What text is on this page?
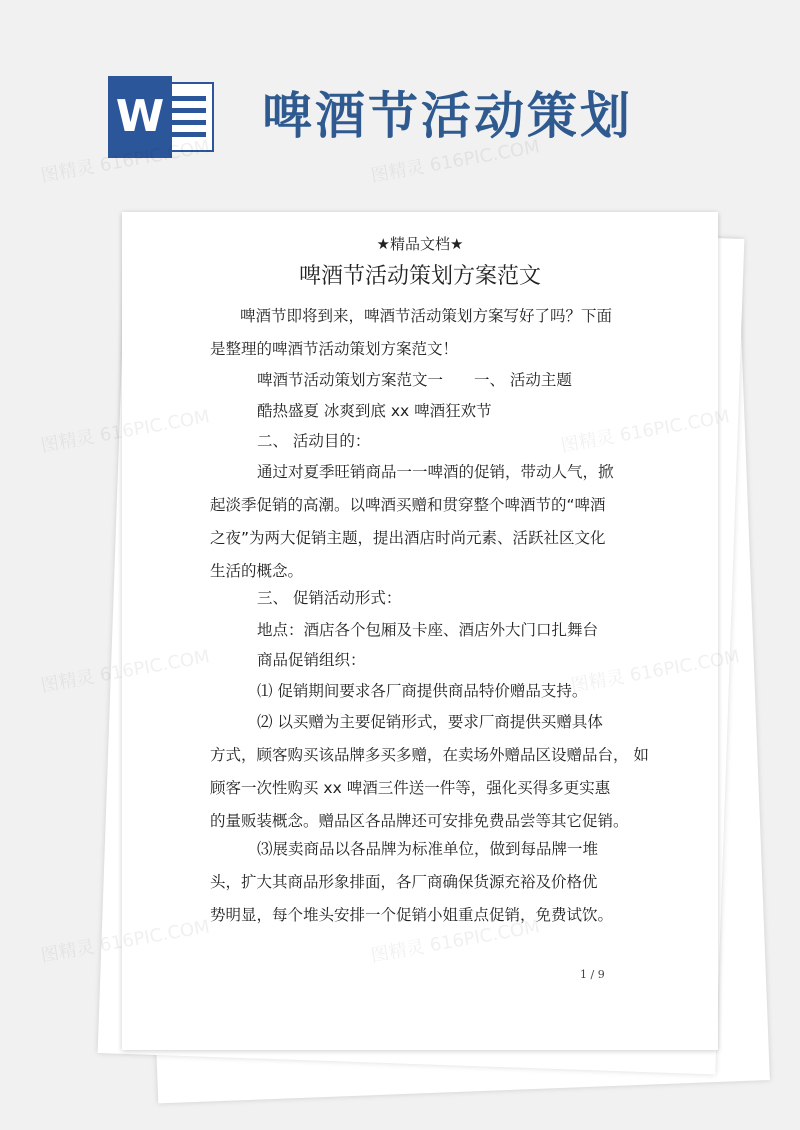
W 啤酒节活动策划
★精品文档★
啤酒节活动策划方案范文

啤酒节即将到来，啤酒节活动策划方案写好了吗？下面
是整理的啤酒节活动策划方案范文！

啤酒节活动策划方案范文一　　一、 活动主题

酷热盛夏 冰爽到底 xx 啤酒狂欢节

二、 活动目的：

通过对夏季旺销商品一一啤酒的促销，带动人气，掀
起淡季促销的高潮。以啤酒买赠和贯穿整个啤酒节的“啤酒
之夜”为两大促销主题，提出酒店时尚元素、活跃社区文化
生活的概念。

三、 促销活动形式：

地点：酒店各个包厢及卡座、酒店外大门口扎舞台

商品促销组织：

⑴ 促销期间要求各厂商提供商品特价赠品支持。

⑵ 以买赠为主要促销形式，要求厂商提供买赠具体
方式，顾客购买该品牌多买多赠，在卖场外赠品区设赠品台， 如
顾客一次性购买 xx 啤酒三件送一件等，强化买得多更实惠
的量贩装概念。赠品区各品牌还可安排免费品尝等其它促销。

⑶展卖商品以各品牌为标准单位，做到每品牌一堆
头，扩大其商品形象排面，各厂商确保货源充裕及价格优
势明显，每个堆头安排一个促销小姐重点促销，免费试饮。

1 / 9
图精灵 616PIC.COM	图精灵 616PIC.COM
图精灵
图精灵
图精灵
